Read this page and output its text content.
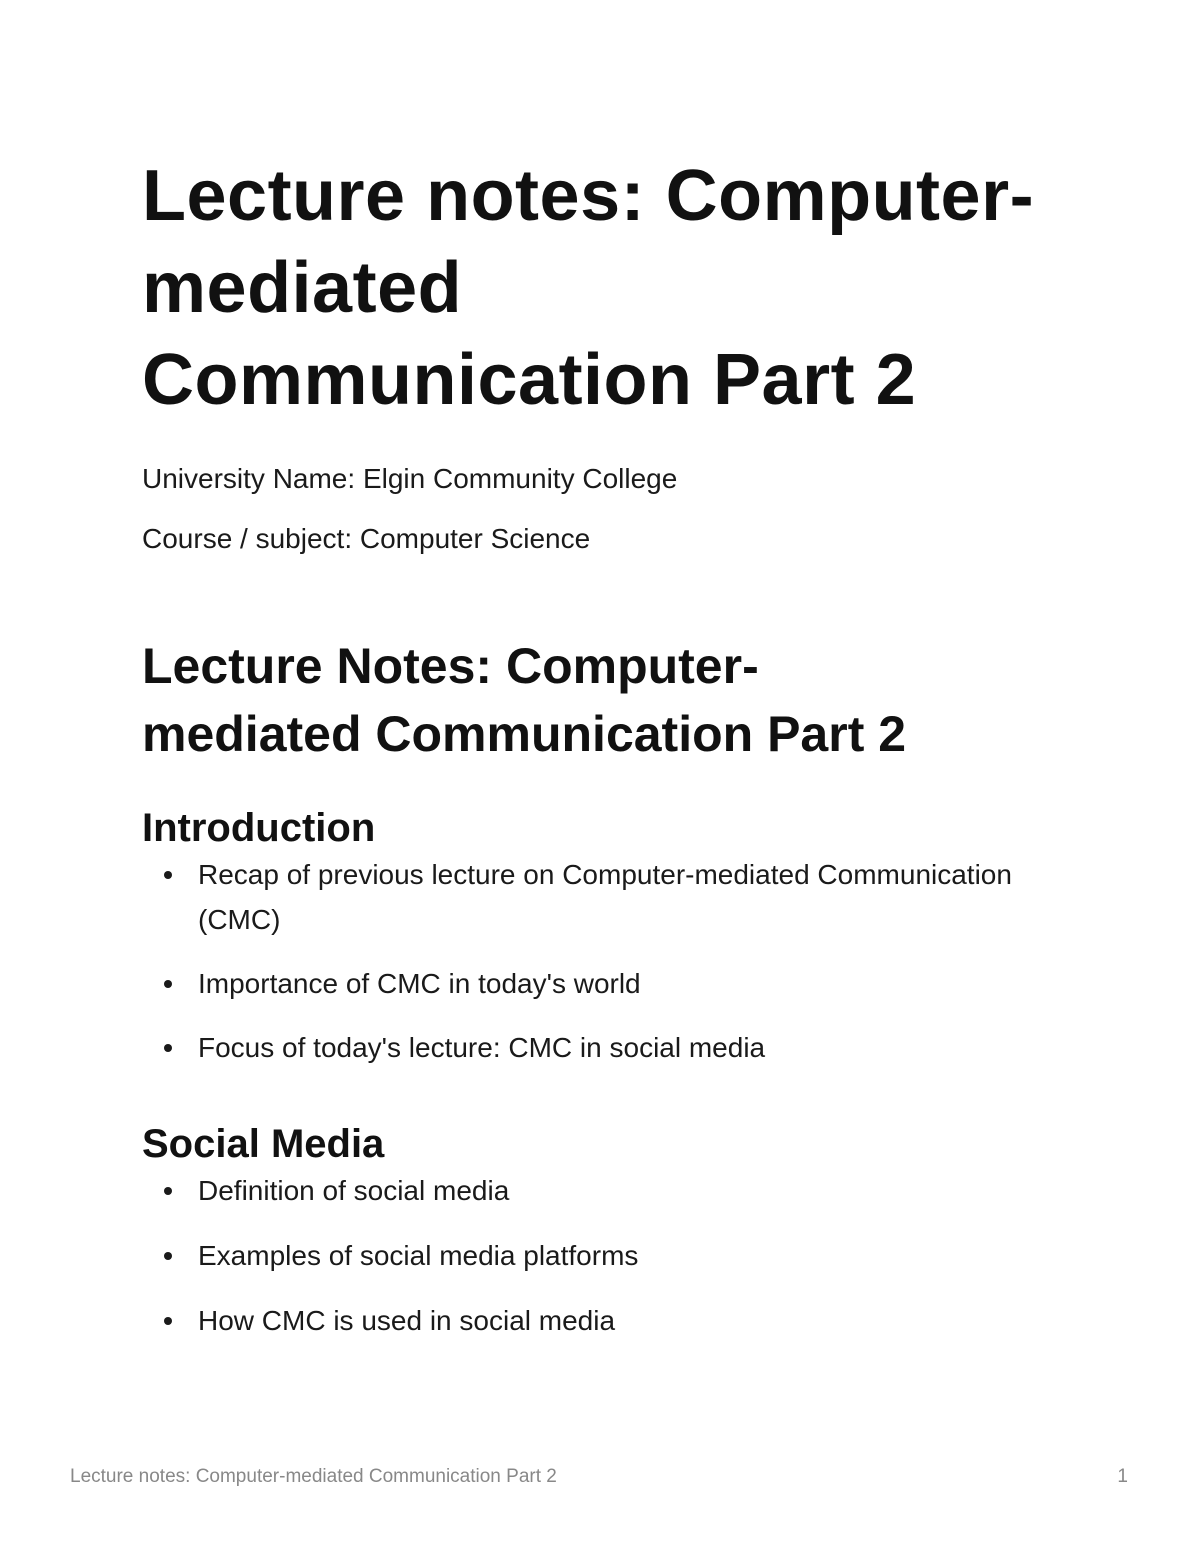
Lecture notes: Computer-
mediated
Communication Part 2

University Name: Elgin Community College

Course / subject: Computer Science

Lecture Notes: Computer-
mediated Communication Part 2
Introduction
Recap of previous lecture on Computer-mediated Communication (CMC)
Importance of CMC in today's world
Focus of today's lecture: CMC in social media
Social Media
Definition of social media
Examples of social media platforms
How CMC is used in social media
Lecture notes: Computer-mediated Communication Part 2	1
